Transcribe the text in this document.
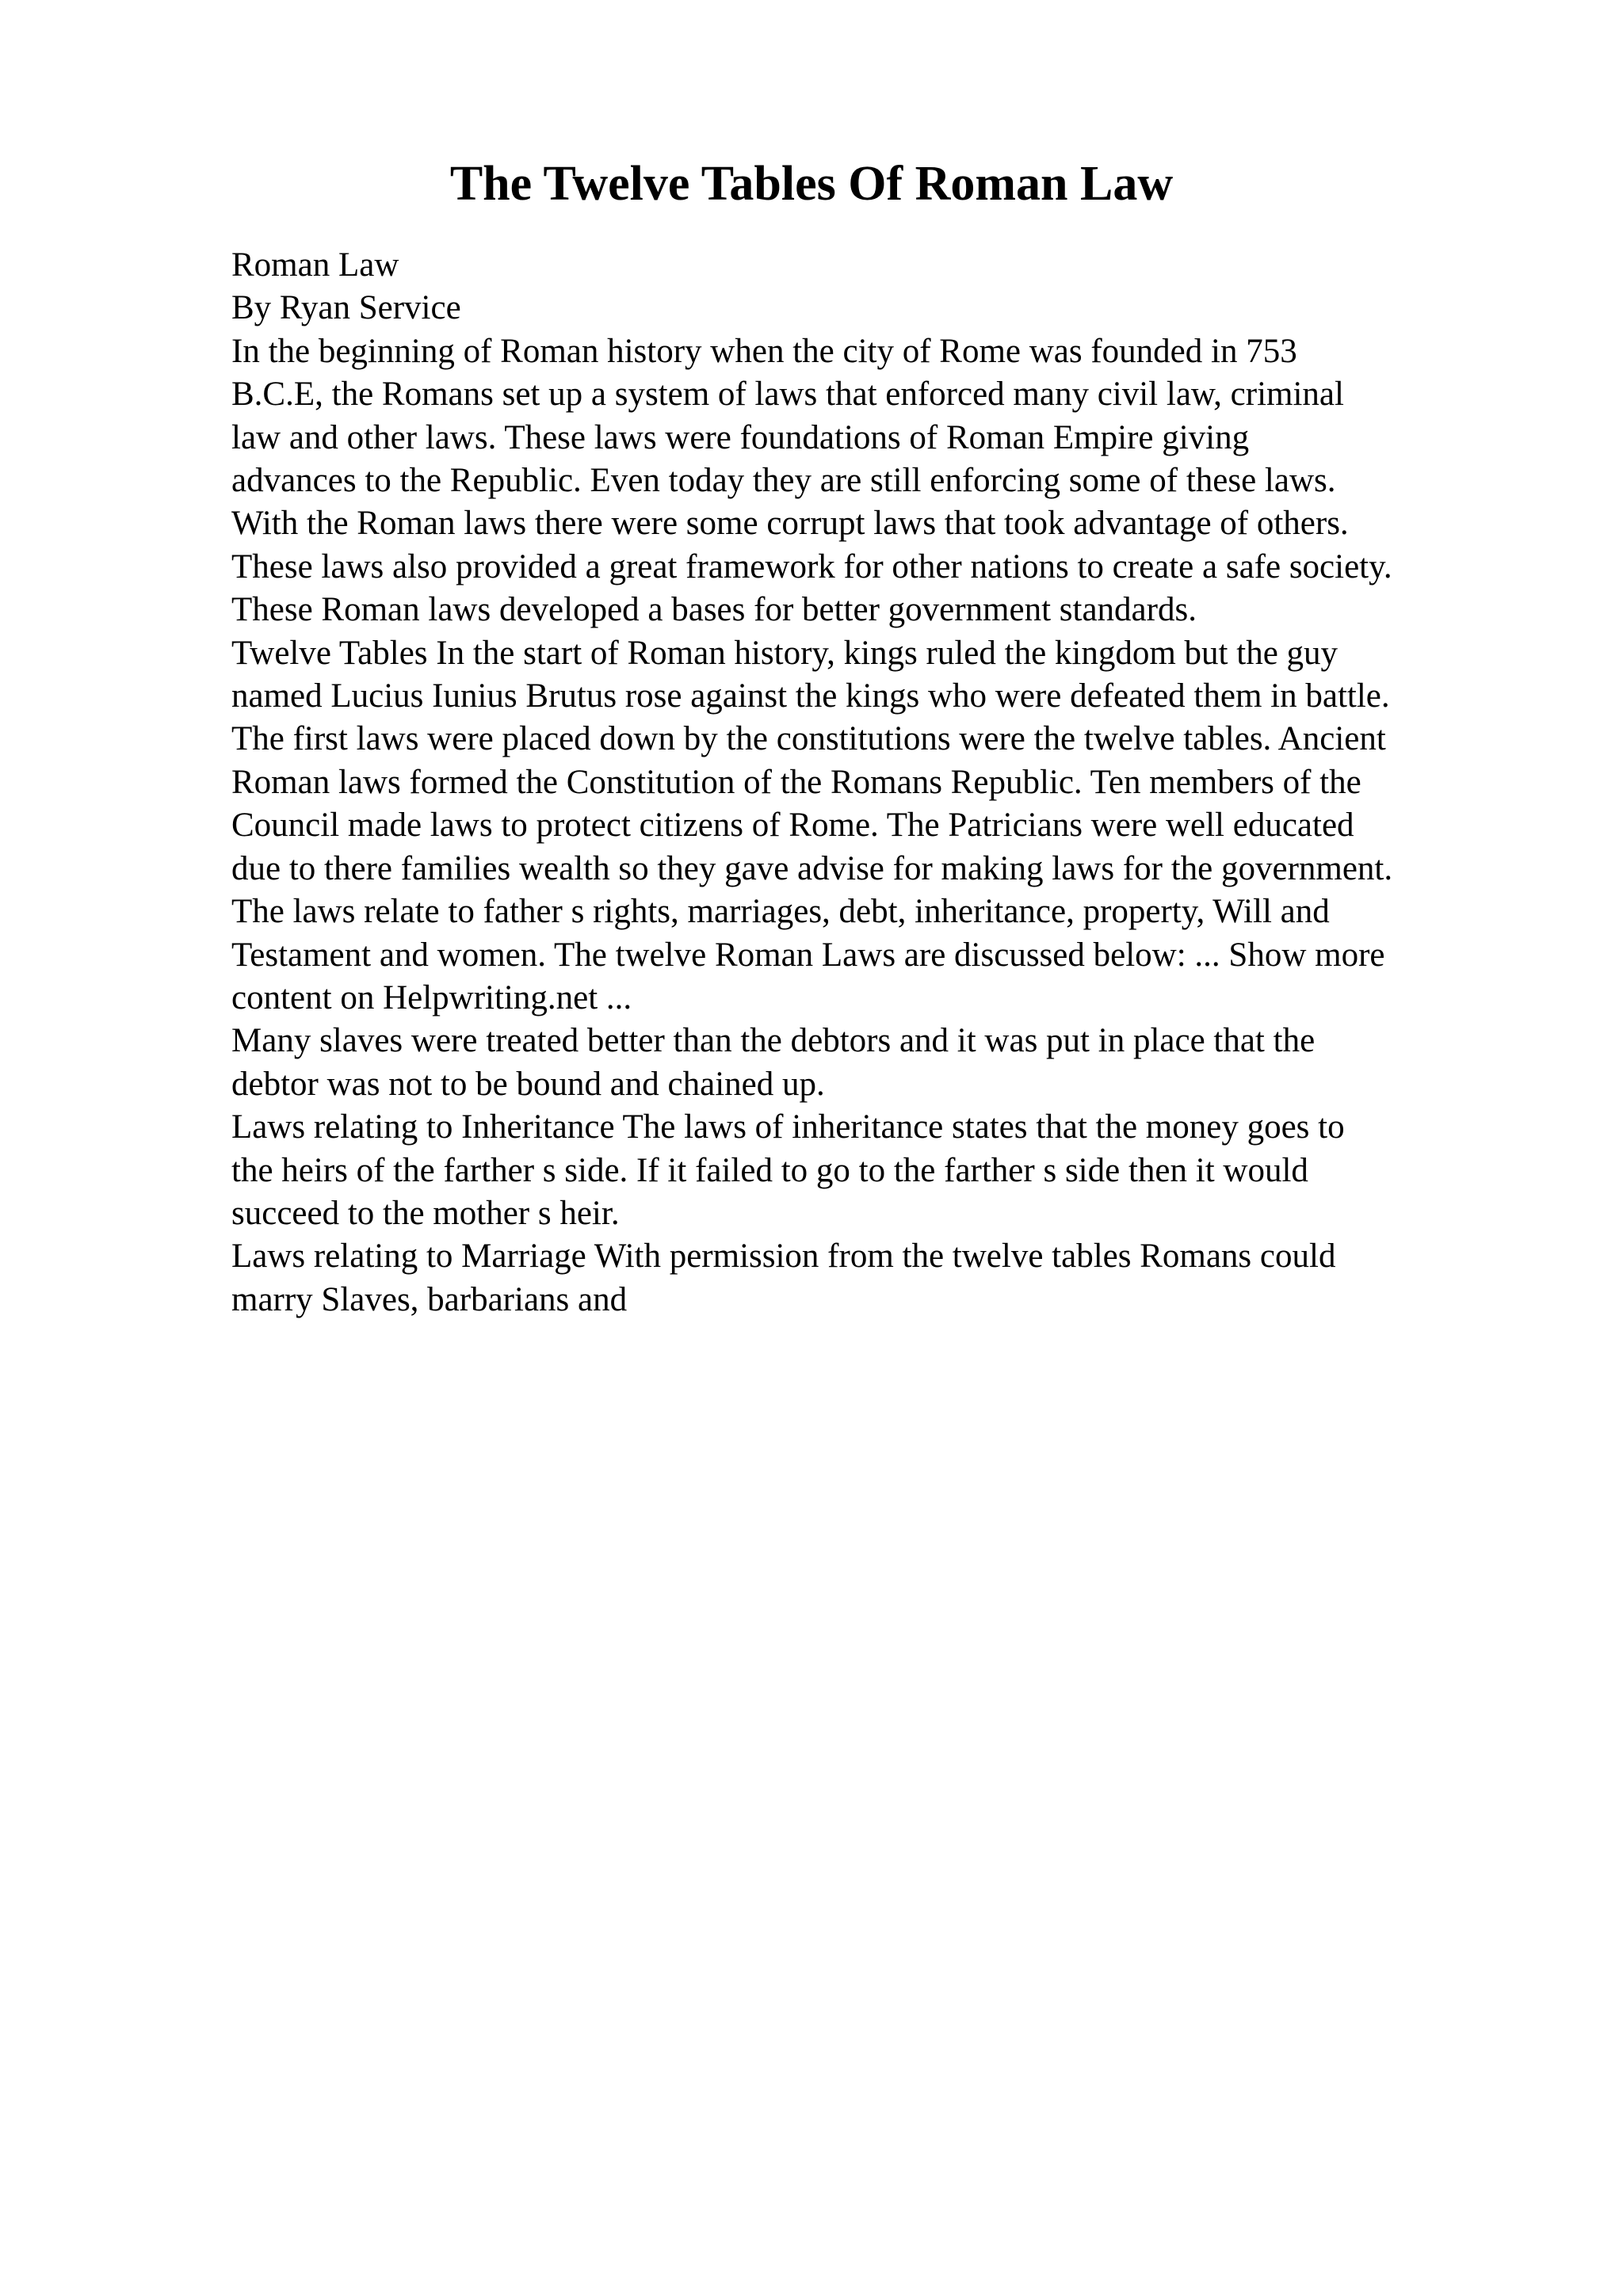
The Twelve Tables Of Roman Law
Roman Law
By Ryan Service
In the beginning of Roman history when the city of Rome was founded in 753
B.C.E, the Romans set up a system of laws that enforced many civil law, criminal
law and other laws. These laws were foundations of Roman Empire giving
advances to the Republic. Even today they are still enforcing some of these laws.
With the Roman laws there were some corrupt laws that took advantage of others.
These laws also provided a great framework for other nations to create a safe society.
These Roman laws developed a bases for better government standards.
Twelve Tables In the start of Roman history, kings ruled the kingdom but the guy
named Lucius Iunius Brutus rose against the kings who were defeated them in battle.
The first laws were placed down by the constitutions were the twelve tables. Ancient
Roman laws formed the Constitution of the Romans Republic. Ten members of the
Council made laws to protect citizens of Rome. The Patricians were well educated
due to there families wealth so they gave advise for making laws for the government.
The laws relate to father s rights, marriages, debt, inheritance, property, Will and
Testament and women. The twelve Roman Laws are discussed below: ... Show more
content on Helpwriting.net ...
Many slaves were treated better than the debtors and it was put in place that the
debtor was not to be bound and chained up.
Laws relating to Inheritance The laws of inheritance states that the money goes to
the heirs of the farther s side. If it failed to go to the farther s side then it would
succeed to the mother s heir.
Laws relating to Marriage With permission from the twelve tables Romans could
marry Slaves, barbarians and
